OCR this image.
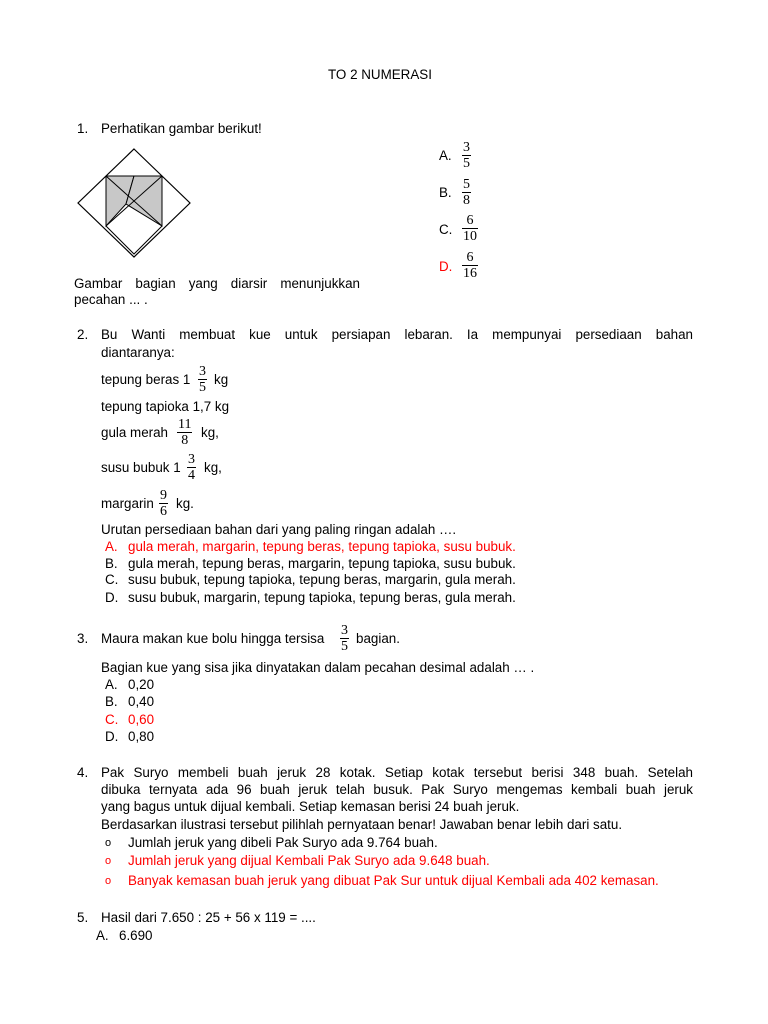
TO 2 NUMERASI
1. Perhatikan gambar berikut!
Gambar bagian yang diarsir menunjukkan
pecahan ... .
A. $\frac{3}{5}$
B. $\frac{5}{8}$
C. $\frac{6}{10}$
D. $\frac{6}{16}$
2. Bu Wanti membuat kue untuk persiapan lebaran. Ia mempunyai persediaan bahan
diantaranya:
tepung beras $1 \frac{3}{5}$ kg
tepung tapioka 1,7 kg
gula merah $\frac{11}{8}$ kg,
susu bubuk $1 \frac{3}{4}$ kg,
margarin $\frac{9}{6}$ kg.
Urutan persediaan bahan dari yang paling ringan adalah ….
A. gula merah, margarin, tepung beras, tepung tapioka, susu bubuk.
B. gula merah, tepung beras, margarin, tepung tapioka, susu bubuk.
C. susu bubuk, tepung tapioka, tepung beras, margarin, gula merah.
D. susu bubuk, margarin, tepung tapioka, tepung beras, gula merah.
3. Maura makan kue bolu hingga tersisa $\frac{3}{5}$ bagian.
Bagian kue yang sisa jika dinyatakan dalam pecahan desimal adalah … .
A. 0,20
B. 0,40
C. 0,60
D. 0,80
4. Pak Suryo membeli buah jeruk 28 kotak. Setiap kotak tersebut berisi 348 buah. Setelah
dibuka ternyata ada 96 buah jeruk telah busuk. Pak Suryo mengemas kembali buah jeruk
yang bagus untuk dijual kembali. Setiap kemasan berisi 24 buah jeruk.
Berdasarkan ilustrasi tersebut pilihlah pernyataan benar! Jawaban benar lebih dari satu.
o Jumlah jeruk yang dibeli Pak Suryo ada 9.764 buah.
o Jumlah jeruk yang dijual Kembali Pak Suryo ada 9.648 buah.
o Banyak kemasan buah jeruk yang dibuat Pak Sur untuk dijual Kembali ada 402 kemasan.
5. Hasil dari 7.650 : 25 + 56 x 119 = ....
A. 6.690
